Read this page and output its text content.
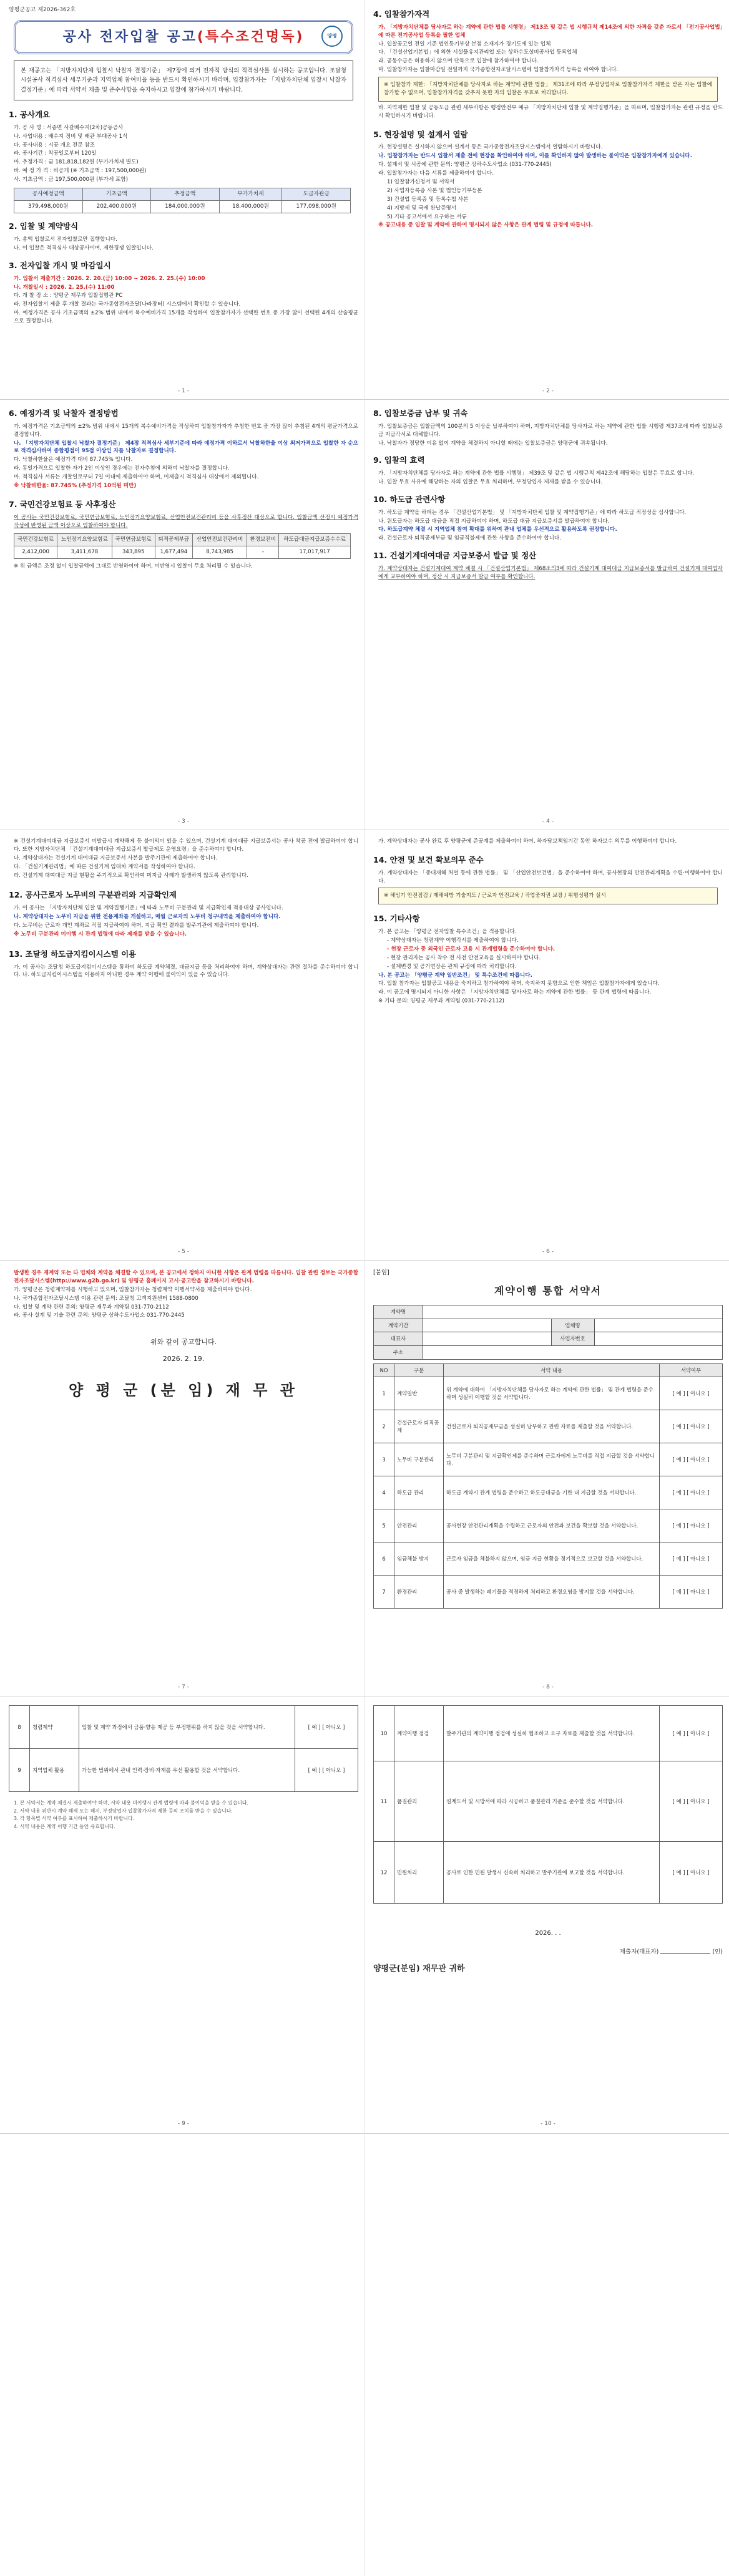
양평군공고 제2026-362호
공사 전자입찰 공고(특수조건명독)	양평
본 재공고는 「지방자치단체 입찰시 낙찰자 결정기준」 제7장에 의거 전자적 방식의 적격심사를 실시하는 공고입니다. 조달청 시설공사 적격심사 세부기준과 지역업체 참여비율 등을 반드시 확인하시기 바라며, 입찰참가자는 「지방자치단체 입찰시 낙찰자 결정기준」에 따라 서약서 제출 및 준수사항을 숙지하시고 입찰에 참가하시기 바랍니다.
1. 공사개요
가. 공 사 명 : 서종면 사갈배수지(2차)공동공사
나. 사업내용 : 배수지 정비 및 배관 부대공사 1식
다. 공사내용 : 시공 개요 전문 참조
라. 공사기간 : 착공일로부터 120일
마. 추정가격 : 금 181,818,182원 (부가가치세 별도)
바. 예 정 가 격 : 비공개 (※ 기초금액 : 197,500,000원)
사. 기초금액 : 금 197,500,000원 (부가세 포함)
공사예정금액	기초금액	추정금액	부가가치세	도급자관급
379,498,000원	202,400,000원	184,000,000원	18,400,000원	177,098,000원
2. 입찰 및 계약방식
가. 총액 입찰로서 전자입찰로만 집행합니다.
나. 이 입찰은 적격심사 대상공사이며, 제한경쟁 입찰입니다.
3. 전자입찰 개시 및 마감일시
가. 입찰서 제출기간 : 2026. 2. 20.(금) 10:00 ~ 2026. 2. 25.(수) 10:00
나. 개찰일시 : 2026. 2. 25.(수) 11:00
다. 개 찰 장 소 : 양평군 재무과 입찰집행관 PC
라. 전자입찰서 제출 후 개찰 결과는 국가종합전자조달(나라장터) 시스템에서 확인할 수 있습니다.
마. 예정가격은 공사 기초금액의 ±2% 범위 내에서 복수예비가격 15개를 작성하여 입찰참가자가 선택한 번호 중 가장 많이 선택된 4개의 산술평균으로 결정합니다.
- 1 -
4. 입찰참가자격
가. 「지방자치단체를 당사자로 하는 계약에 관한 법률 시행령」 제13조 및 같은 법 시행규칙 제14조에 의한 자격을 갖춘 자로서 「전기공사업법」에 따른 전기공사업 등록을 필한 업체
나. 입찰공고일 전일 기준 법인등기부상 본점 소재지가 경기도에 있는 업체
다. 「건설산업기본법」에 의한 시설물유지관리업 또는 상하수도설비공사업 등록업체
라. 공동수급은 허용하지 않으며 단독으로 입찰에 참가하여야 합니다.
마. 입찰참가자는 입찰마감일 전일까지 국가종합전자조달시스템에 입찰참가자격 등록을 하여야 합니다.
※ 입찰참가 제한: 「지방자치단체를 당사자로 하는 계약에 관한 법률」 제31조에 따라 부정당업자로 입찰참가자격 제한을 받은 자는 입찰에 참가할 수 없으며, 입찰참가자격을 갖추지 못한 자의 입찰은 무효로 처리합니다.
바. 지역제한 입찰 및 공동도급 관련 세부사항은 행정안전부 예규 「지방자치단체 입찰 및 계약집행기준」을 따르며, 입찰참가자는 관련 규정을 반드시 확인하시기 바랍니다.
5. 현장설명 및 설계서 열람
가. 현장설명은 실시하지 않으며 설계서 등은 국가종합전자조달시스템에서 열람하시기 바랍니다.
나. 입찰참가자는 반드시 입찰서 제출 전에 현장을 확인하여야 하며, 이를 확인하지 않아 발생하는 불이익은 입찰참가자에게 있습니다.
다. 설계서 및 시공에 관한 문의: 양평군 상하수도사업소 (031-770-2445)
라. 입찰참가자는 다음 서류를 제출하여야 합니다.
1) 입찰참가신청서 및 서약서
2) 사업자등록증 사본 및 법인등기부등본
3) 건설업 등록증 및 등록수첩 사본
4) 지방세 및 국세 완납증명서
5) 기타 공고서에서 요구하는 서류
※ 공고내용 중 입찰 및 계약에 관하여 명시되지 않은 사항은 관계 법령 및 규정에 따릅니다.
- 2 -
6. 예정가격 및 낙찰자 결정방법
가. 예정가격은 기초금액의 ±2% 범위 내에서 15개의 복수예비가격을 작성하여 입찰참가자가 추첨한 번호 중 가장 많이 추첨된 4개의 평균가격으로 결정합니다.
나. 「지방자치단체 입찰시 낙찰자 결정기준」 제4장 적격심사 세부기준에 따라 예정가격 이하로서 낙찰하한율 이상 최저가격으로 입찰한 자 순으로 적격심사하여 종합평점이 95점 이상인 자를 낙찰자로 결정합니다.
다. 낙찰하한율은 예정가격 대비 87.745% 입니다.
라. 동일가격으로 입찰한 자가 2인 이상인 경우에는 전자추첨에 의하여 낙찰자를 결정합니다.
마. 적격심사 서류는 개찰일로부터 7일 이내에 제출하여야 하며, 미제출시 적격심사 대상에서 제외됩니다.
※ 낙찰하한율: 87.745% (추정가격 10억원 미만)
7. 국민건강보험료 등 사후정산
이 공사는 국민건강보험료, 국민연금보험료, 노인장기요양보험료, 산업안전보건관리비 등을 사후정산 대상으로 합니다. 입찰금액 산정시 예정가격 작성에 반영된 금액 이상으로 입찰하여야 합니다.
국민건강보험료	노인장기요양보험료	국민연금보험료	퇴직공제부금	산업안전보건관리비	환경보전비	하도급대금지급보증수수료
2,412,000	3,411,678	343,895	1,677,494	8,743,985	-	17,017,917
※ 위 금액은 조정 없이 입찰금액에 그대로 반영하여야 하며, 미반영시 입찰이 무효 처리될 수 있습니다.
- 3 -
8. 입찰보증금 납부 및 귀속
가. 입찰보증금은 입찰금액의 100분의 5 이상을 납부하여야 하며, 지방자치단체를 당사자로 하는 계약에 관한 법률 시행령 제37조에 따라 입찰보증금 지급각서로 대체합니다.
나. 낙찰자가 정당한 이유 없이 계약을 체결하지 아니할 때에는 입찰보증금은 양평군에 귀속됩니다.
9. 입찰의 효력
가. 「지방자치단체를 당사자로 하는 계약에 관한 법률 시행령」 제39조 및 같은 법 시행규칙 제42조에 해당하는 입찰은 무효로 합니다.
나. 입찰 무효 사유에 해당하는 자의 입찰은 무효 처리하며, 부정당업자 제재를 받을 수 있습니다.
10. 하도급 관련사항
가. 하도급 계약을 하려는 경우 「건설산업기본법」 및 「지방자치단체 입찰 및 계약집행기준」에 따라 하도급 적정성을 심사합니다.
나. 원도급자는 하도급 대금을 직접 지급하여야 하며, 하도급 대금 지급보증서를 발급하여야 합니다.
다. 하도급계약 체결 시 지역업체 참여 확대를 위하여 관내 업체를 우선적으로 활용하도록 권장합니다.
라. 건설근로자 퇴직공제부금 및 임금직불제에 관한 사항을 준수하여야 합니다.
11. 건설기계대여대금 지급보증서 발급 및 정산
가. 계약상대자는 건설기계대여 계약 체결 시 「건설산업기본법」 제68조의3에 따라 건설기계 대여대금 지급보증서를 발급하여 건설기계 대여업자에게 교부하여야 하며, 정산 시 지급보증서 발급 여부를 확인합니다.
- 4 -
※ 건설기계대여대금 지급보증서 미발급시 계약해제 등 불이익이 있을 수 있으며, 건설기계 대여대금 지급보증서는 공사 착공 전에 발급하여야 합니다. 또한 지방자치단체 「건설기계대여대금 지급보증서 발급제도 운영요령」을 준수하여야 합니다.
나. 계약상대자는 건설기계 대여대금 지급보증서 사본을 발주기관에 제출하여야 합니다.
다. 「건설기계관리법」에 따른 건설기계 임대차 계약서를 작성하여야 합니다.
라. 건설기계 대여대금 지급 현황을 주기적으로 확인하여 미지급 사례가 발생하지 않도록 관리합니다.
12. 공사근로자 노무비의 구분관리와 지급확인제
가. 이 공사는 「지방자치단체 입찰 및 계약집행기준」에 따라 노무비 구분관리 및 지급확인제 적용대상 공사입니다.
나. 계약상대자는 노무비 지급을 위한 전용계좌를 개설하고, 매월 근로자의 노무비 청구내역을 제출하여야 합니다.
다. 노무비는 근로자 개인 계좌로 직접 지급하여야 하며, 지급 확인 결과를 발주기관에 제출하여야 합니다.
※ 노무비 구분관리 미이행 시 관계 법령에 따라 제재를 받을 수 있습니다.
13. 조달청 하도급지킴이시스템 이용
가. 이 공사는 조달청 하도급지킴이시스템을 통하여 하도급 계약체결, 대금지급 등을 처리하여야 하며, 계약상대자는 관련 절차를 준수하여야 합니다. 나. 하도급지킴이시스템을 이용하지 아니한 경우 계약 이행에 불이익이 있을 수 있습니다.
- 5 -
가. 계약상대자는 공사 완료 후 양평군에 준공계를 제출하여야 하며, 하자담보책임기간 동안 하자보수 의무를 이행하여야 합니다.
14. 안전 및 보건 확보의무 준수
가. 계약상대자는 「중대재해 처벌 등에 관한 법률」 및 「산업안전보건법」을 준수하여야 하며, 공사현장의 안전관리계획을 수립·이행하여야 합니다.
※ 해빙기 안전점검 / 재해예방 기술지도 / 근로자 안전교육 / 작업중지권 보장 / 위험성평가 실시
15. 기타사항
가. 본 공고는 「양평군 전자입찰 특수조건」을 적용합니다.
- 계약상대자는 청렴계약 이행각서를 제출하여야 합니다.
- 현장 근로자 중 외국인 근로자 고용 시 관계법령을 준수하여야 합니다.
- 현장 관리자는 공사 착수 전 사전 안전교육을 실시하여야 합니다.
- 설계변경 및 공기연장은 관계 규정에 따라 처리합니다.
나. 본 공고는 「양평군 계약 일반조건」 및 특수조건에 따릅니다.
다. 입찰 참가자는 입찰공고 내용을 숙지하고 참가하여야 하며, 숙지하지 못함으로 인한 책임은 입찰참가자에게 있습니다.
라. 이 공고에 명시되지 아니한 사항은 「지방자치단체를 당사자로 하는 계약에 관한 법률」 등 관계 법령에 따릅니다.
※ 기타 문의: 양평군 재무과 계약팀 (031-770-2112)
- 6 -
발생한 경우 재계약 또는 타 업체와 계약을 체결할 수 있으며, 본 공고에서 정하지 아니한 사항은 관계 법령을 따릅니다. 입찰 관련 정보는 국가종합전자조달시스템(http://www.g2b.go.kr) 및 양평군 홈페이지 고시·공고란을 참고하시기 바랍니다.
가. 양평군은 청렴계약제를 시행하고 있으며, 입찰참가자는 청렴계약 이행서약서를 제출하여야 합니다.
나. 국가종합전자조달시스템 이용 관련 문의: 조달청 고객지원센터 1588-0800
다. 입찰 및 계약 관련 문의: 양평군 재무과 계약팀 031-770-2112
라. 공사 설계 및 기술 관련 문의: 양평군 상하수도사업소 031-770-2445
위와 같이 공고합니다.
2026. 2. 19.
양 평 군 (분 임) 재 무 관
- 7 -
[붙임]
계약이행 통합 서약서
계약명			
계약기간		업체명	
대표자		사업자번호	
주소			
NO	구분	서약 내용	서약여부
1	계약일반	위 계약에 대하여 「지방자치단체를 당사자로 하는 계약에 관한 법률」 및 관계 법령을 준수하며 성실히 이행할 것을 서약합니다.	[ 예 ] [ 아니오 ]
2	건설근로자 퇴직공제	건설근로자 퇴직공제부금을 성실히 납부하고 관련 자료를 제출할 것을 서약합니다.	[ 예 ] [ 아니오 ]
3	노무비 구분관리	노무비 구분관리 및 지급확인제를 준수하며 근로자에게 노무비를 직접 지급할 것을 서약합니다.	[ 예 ] [ 아니오 ]
4	하도급 관리	하도급 계약시 관계 법령을 준수하고 하도급대금을 기한 내 지급할 것을 서약합니다.	[ 예 ] [ 아니오 ]
5	안전관리	공사현장 안전관리계획을 수립하고 근로자의 안전과 보건을 확보할 것을 서약합니다.	[ 예 ] [ 아니오 ]
6	임금체불 방지	근로자 임금을 체불하지 않으며, 임금 지급 현황을 정기적으로 보고할 것을 서약합니다.	[ 예 ] [ 아니오 ]
7	환경관리	공사 중 발생하는 폐기물을 적정하게 처리하고 환경오염을 방지할 것을 서약합니다.	[ 예 ] [ 아니오 ]
- 8 -
8	청렴계약	입찰 및 계약 과정에서 금품·향응 제공 등 부정행위를 하지 않을 것을 서약합니다.	[ 예 ] [ 아니오 ]
9	지역업체 활용	가능한 범위에서 관내 인력·장비·자재를 우선 활용할 것을 서약합니다.	[ 예 ] [ 아니오 ]
1. 본 서약서는 계약 체결시 제출하여야 하며, 서약 내용 미이행시 관계 법령에 따라 불이익을 받을 수 있습니다.
2. 서약 내용 위반시 계약 해제 또는 해지, 부정당업자 입찰참가자격 제한 등의 조치를 받을 수 있습니다.
3. 각 항목별 서약 여부를 표시하여 제출하시기 바랍니다.
4. 서약 내용은 계약 이행 기간 동안 유효합니다.
- 9 -
10	계약이행 점검	발주기관의 계약이행 점검에 성실히 협조하고 요구 자료를 제출할 것을 서약합니다.	[ 예 ] [ 아니오 ]
11	품질관리	설계도서 및 시방서에 따라 시공하고 품질관리 기준을 준수할 것을 서약합니다.	[ 예 ] [ 아니오 ]
12	민원처리	공사로 인한 민원 발생시 신속히 처리하고 발주기관에 보고할 것을 서약합니다.	[ 예 ] [ 아니오 ]
2026. . .
제출자(대표자)	(인)
양평군(분임) 재무관 귀하
- 10 -
